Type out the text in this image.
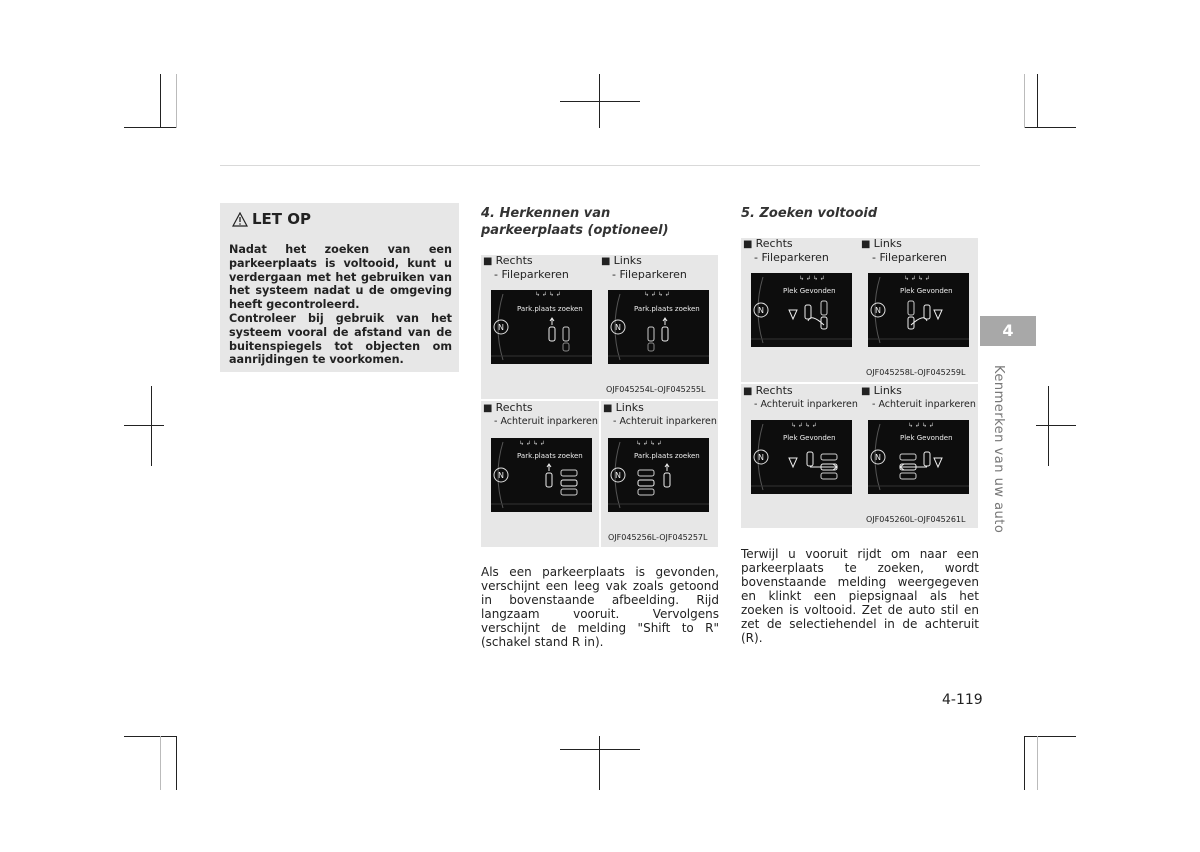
LET OP

Nadat het zoeken van een parkeerplaats is voltooid, kunt u verdergaan met het gebruiken van het systeem nadat u de omgeving heeft gecontroleerd.

Controleer bij gebruik van het systeem vooral de afstand van de buitenspiegels tot objecten om aanrijdingen te voorkomen.

4. Herkennen van parkeerplaats (optioneel)
■ Rechts
- Fileparkeren
■ Links
- Fileparkeren
N
↳ ↲ ↳ ↲
Park.plaats zoeken
N
↳ ↲ ↳ ↲
Park.plaats zoeken
OJF045254L-OJF045255L
■ Rechts
- Achteruit inparkeren
■ Links
- Achteruit inparkeren
N
↳ ↲ ↳ ↲
Park.plaats zoeken
N
↳ ↲ ↳ ↲
Park.plaats zoeken
OJF045256L-OJF045257L
Als een parkeerplaats is gevonden, verschijnt een leeg vak zoals getoond in bovenstaande afbeelding. Rijd langzaam vooruit. Vervolgens verschijnt de melding "Shift to R" (schakel stand R in).
5. Zoeken voltooid
■ Rechts
- Fileparkeren
■ Links
- Fileparkeren
N
↳ ↲ ↳ ↲
Plek Gevonden
N
↳ ↲ ↳ ↲
Plek Gevonden
OJF045258L-OJF045259L
■ Rechts
- Achteruit inparkeren
■ Links
- Achteruit inparkeren
N
↳ ↲ ↳ ↲
Plek Gevonden
N
↳ ↲ ↳ ↲
Plek Gevonden
OJF045260L-OJF045261L
Terwijl u vooruit rijdt om naar een parkeerplaats te zoeken, wordt bovenstaande melding weergegeven en klinkt een piepsignaal als het zoeken is voltooid. Zet de auto stil en zet de selectiehendel in de achteruit (R).
4
Kenmerken van uw auto
4-119
